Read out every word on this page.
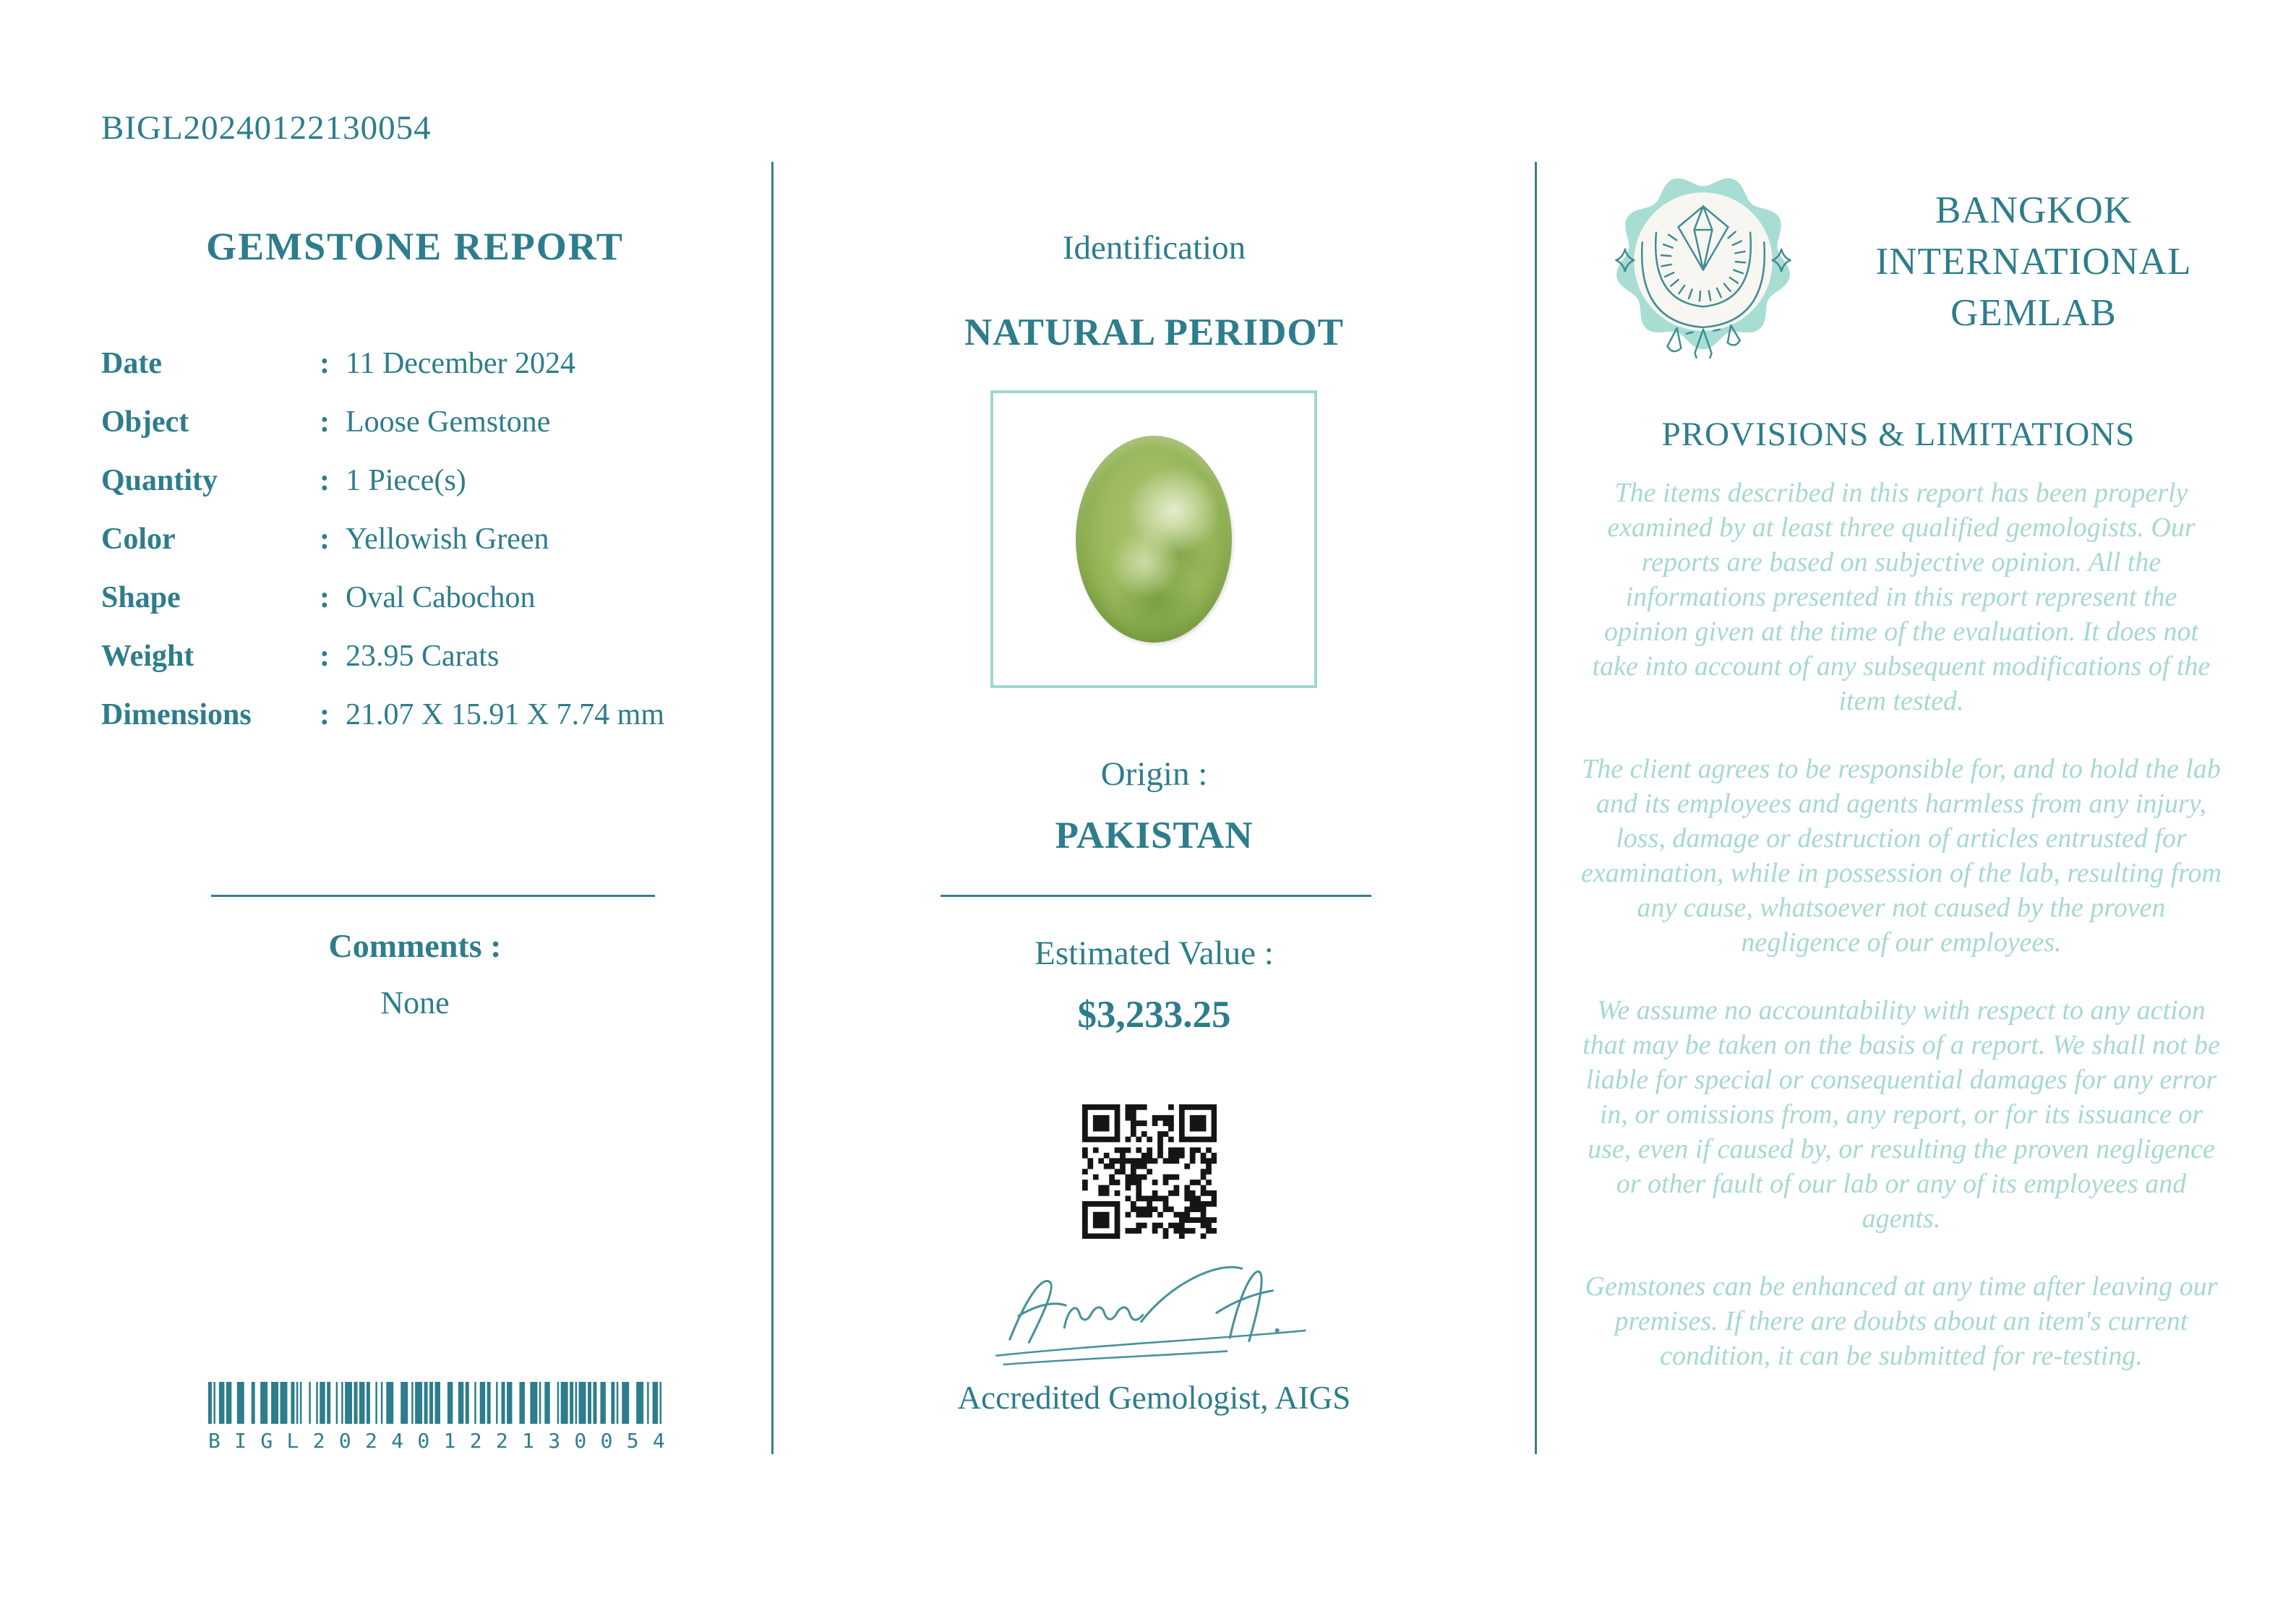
BIGL20240122130054
GEMSTONE REPORT
Date	: 11 December 2024
Object	: Loose Gemstone
Quantity	: 1 Piece(s)
Color	: Yellowish Green
Shape	: Oval Cabochon
Weight	: 23.95 Carats
Dimensions	: 21.07 X 15.91 X 7.74 mm
Comments :
None
B I G L 2 0 2 4 0 1 2 2 1 3 0 0 5 4
Identification
NATURAL PERIDOT
Origin :
PAKISTAN
Estimated Value :
$3,233.25
Accredited Gemologist, AIGS
BANGKOK
INTERNATIONAL
GEMLAB
PROVISIONS & LIMITATIONS

The items described in this report has been properly examined by at least three qualified gemologists. Our reports are based on subjective opinion. All the informations presented in this report represent the opinion given at the time of the evaluation. It does not take into account of any subsequent modifications of the item tested.

The client agrees to be responsible for, and to hold the lab and its employees and agents harmless from any injury, loss, damage or destruction of articles entrusted for examination, while in possession of the lab, resulting from any cause, whatsoever not caused by the proven negligence of our employees.

We assume no accountability with respect to any action that may be taken on the basis of a report. We shall not be liable for special or consequential damages for any error in, or omissions from, any report, or for its issuance or use, even if caused by, or resulting the proven negligence or other fault of our lab or any of its employees and agents.

Gemstones can be enhanced at any time after leaving our premises. If there are doubts about an item's current condition, it can be submitted for re-testing.
